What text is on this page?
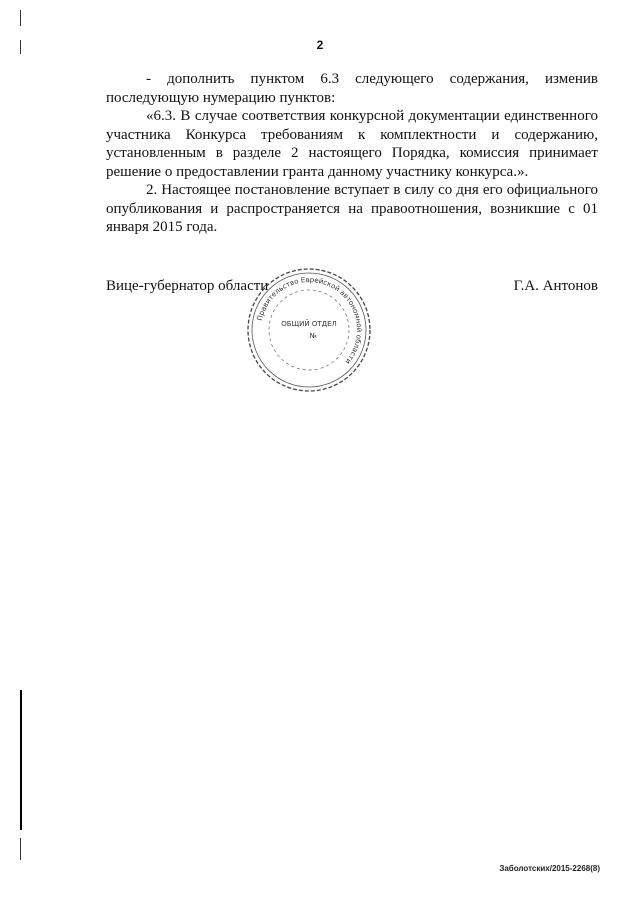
2

- дополнить пунктом 6.3 следующего содержания, изменив последующую нумерацию пунктов:

«6.3. В случае соответствия конкурсной документации единственного участника Конкурса требованиям к комплектности и содержанию, установленным в разделе 2 настоящего Порядка, комиссия принимает решение о предоставлении гранта данному участнику конкурса.».

2. Настоящее постановление вступает в силу со дня его официального опубликования и распространяется на правоотношения, возникшие с 01 января 2015 года.

Вице-губернатор области	Г.А. Антонов
Правительство Еврейской автономной области
ОБЩИЙ ОТДЕЛ
№
Заболотских/2015-2268(8)
